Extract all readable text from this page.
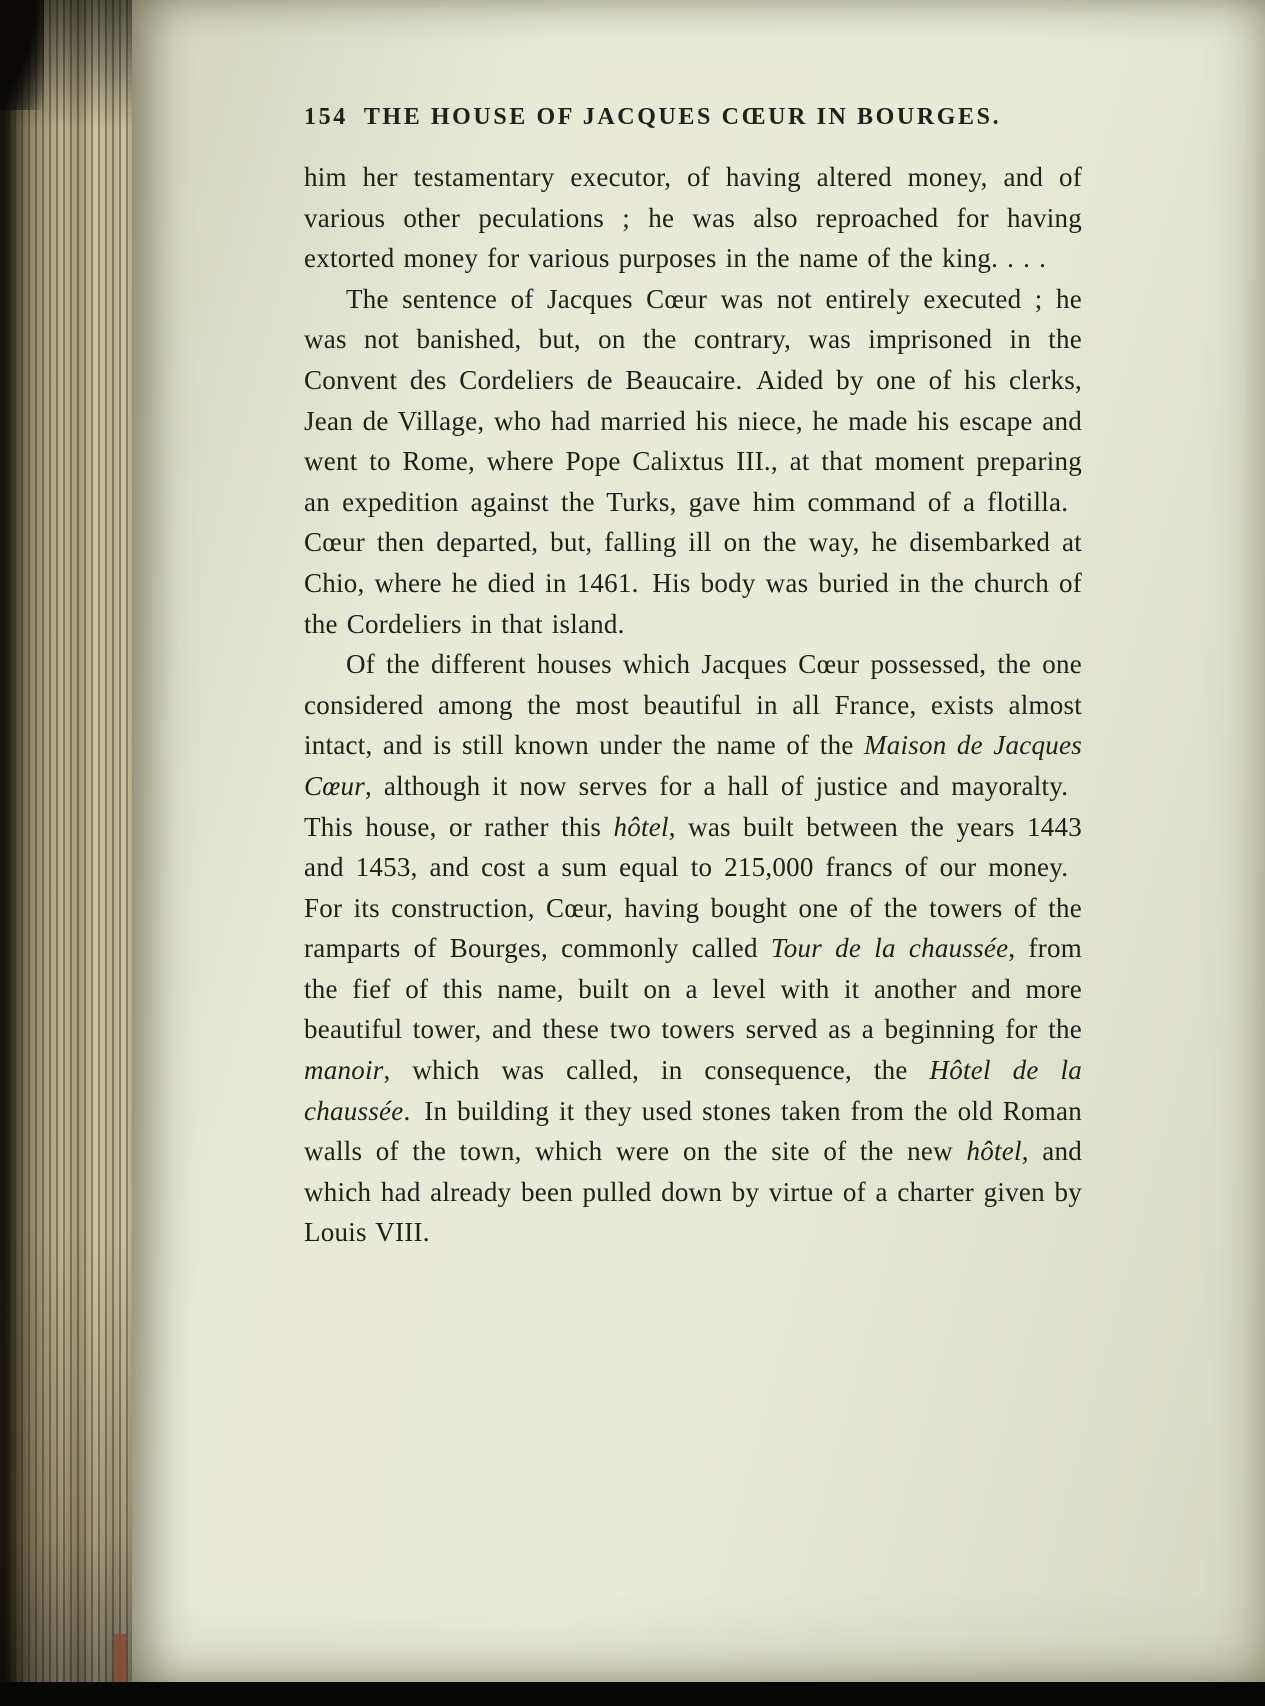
154 THE HOUSE OF JACQUES CŒUR IN BOURGES.

him her testamentary executor, of having altered money, and of various other peculations ; he was also reproached for having extorted money for various purposes in the name of the king. . . .

The sentence of Jacques Cœur was not entirely executed ; he was not banished, but, on the contrary, was imprisoned in the Convent des Cordeliers de Beaucaire. Aided by one of his clerks, Jean de Village, who had married his niece, he made his escape and went to Rome, where Pope Calixtus III., at that moment preparing an expedition against the Turks, gave him command of a flotilla. Cœur then departed, but, falling ill on the way, he disembarked at Chio, where he died in 1461. His body was buried in the church of the Cordeliers in that island.

Of the different houses which Jacques Cœur possessed, the one considered among the most beautiful in all France, exists almost intact, and is still known under the name of the Maison de Jacques Cœur, although it now serves for a hall of justice and mayoralty. This house, or rather this hôtel, was built between the years 1443 and 1453, and cost a sum equal to 215,000 francs of our money. For its construction, Cœur, having bought one of the towers of the ramparts of Bourges, commonly called Tour de la chaussée, from the fief of this name, built on a level with it another and more beautiful tower, and these two towers served as a beginning for the manoir, which was called, in consequence, the Hôtel de la chaussée. In building it they used stones taken from the old Roman walls of the town, which were on the site of the new hôtel, and which had already been pulled down by virtue of a charter given by Louis VIII.
